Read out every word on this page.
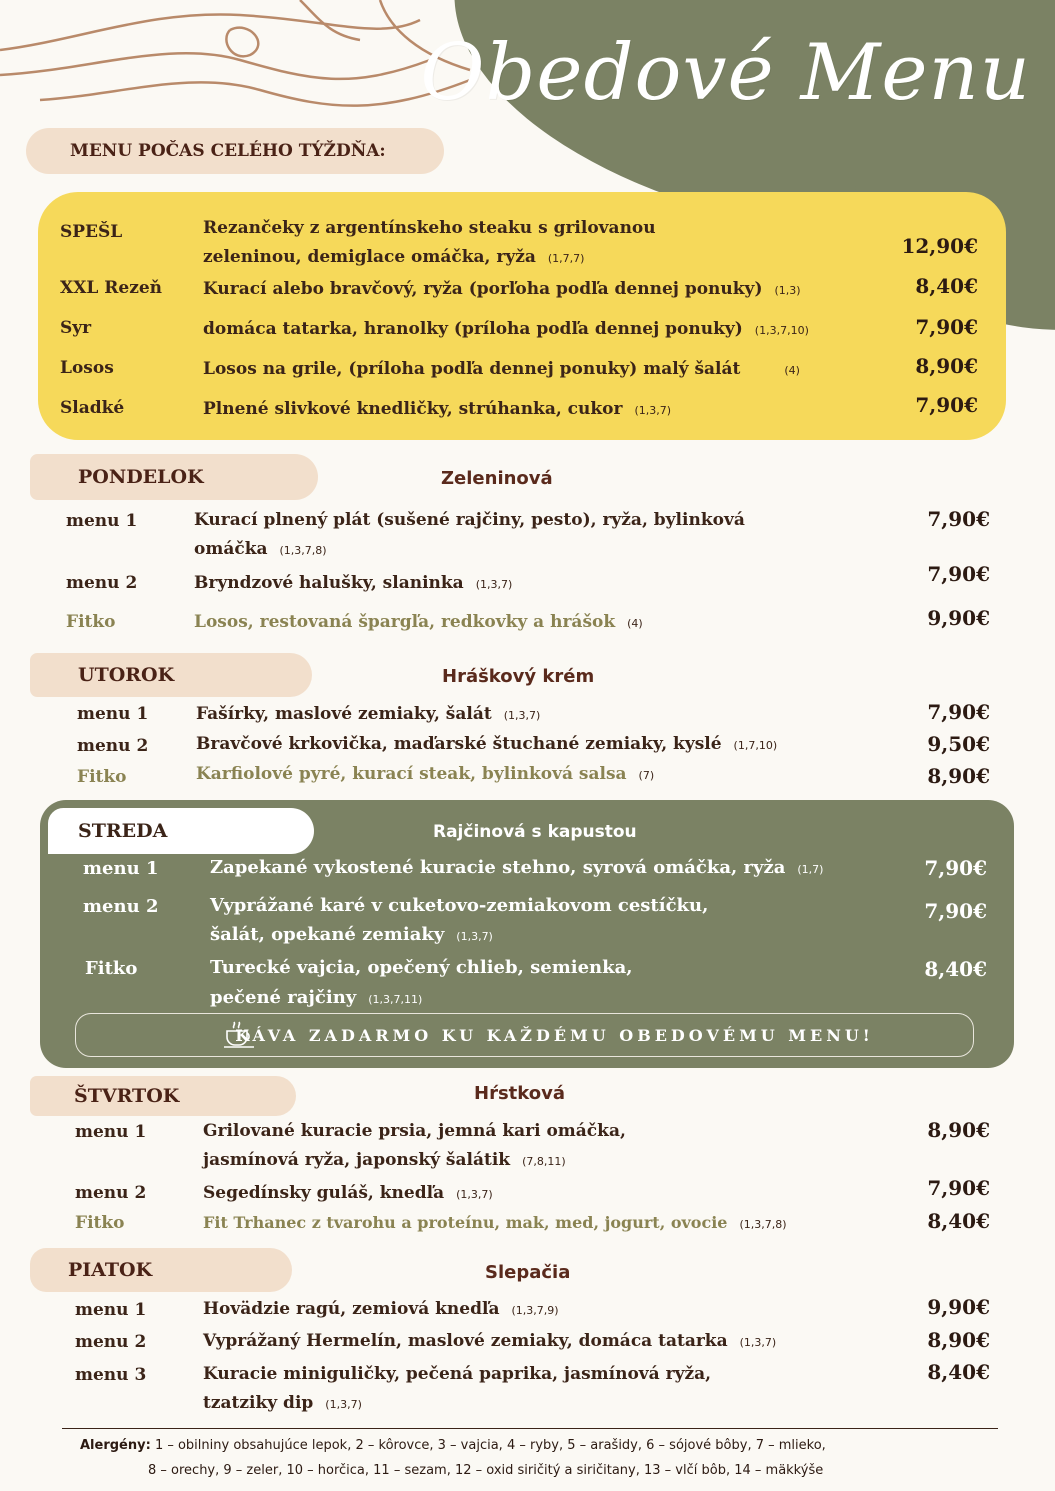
Obedové Menu
MENU POČAS CELÉHO TÝŽDŇA:
SPEŠL	Rezančeky z argentínskeho steaku s grilovanou
zeleninou, demiglace omáčka, ryža (1,7,7)
12,90€
XXL Rezeň Kurací alebo bravčový, ryža (porľoha podľa dennej ponuky) (1,3)	8,40€
Syr	domáca tatarka, hranolky (príloha podľa dennej ponuky) (1,3,7,10)	7,90€
Losos	Losos na grile, (príloha podľa dennej ponuky) malý šalát	(4)	8,90€
Sladké	Plnené slivkové knedličky, strúhanka, cukor (1,3,7)	7,90€
PONDELOK	Zeleninová
menu 1	Kurací plnený plát (sušené rajčiny, pesto), ryža, bylinková
omáčka (1,3,7,8)
7,90€
menu 2	Bryndzové halušky, slaninka (1,3,7)	7,90€
Fitko	Losos, restovaná špargľa, redkovky a hrášok (4)	9,90€
UTOROK	Hráškový krém
menu 1	Fašírky, maslové zemiaky, šalát (1,3,7)	7,90€
menu 2	Bravčové krkovička, maďarské štuchané zemiaky, kyslé (1,7,10)	9,50€
Fitko	Karfiolové pyré, kurací steak, bylinková salsa (7)	8,90€
KÁVA ZADARMO KU KAŽDÉMU OBEDOVÉMU MENU!
STREDA	Rajčinová s kapustou
menu 1	Zapekané vykostené kuracie stehno, syrová omáčka, ryža (1,7)	7,90€
menu 2	Vyprážané karé v cuketovo-zemiakovom cestíčku,
šalát, opekané zemiaky (1,3,7)
7,90€
Fitko	Turecké vajcia, opečený chlieb, semienka,
pečené rajčiny (1,3,7,11)
8,40€
ŠTVRTOK	Hŕstková
menu 1	Grilované kuracie prsia, jemná kari omáčka,
jasmínová ryža, japonský šalátik (7,8,11)
8,90€
menu 2	Segedínsky guláš, knedľa (1,3,7)	7,90€
Fitko	Fit Trhanec z tvarohu a proteínu, mak, med, jogurt, ovocie (1,3,7,8)	8,40€
PIATOK	Slepačia
menu 1	Hovädzie ragú, zemiová knedľa (1,3,7,9)	9,90€
menu 2	Vyprážaný Hermelín, maslové zemiaky, domáca tatarka (1,3,7)	8,90€
menu 3	Kuracie miniguličky, pečená paprika, jasmínová ryža,
tzatziky dip (1,3,7)
8,40€
Alergény: 1 – obilniny obsahujúce lepok, 2 – kôrovce, 3 – vajcia, 4 – ryby, 5 – arašidy, 6 – sójové bôby, 7 – mlieko,
8 – orechy, 9 – zeler, 10 – horčica, 11 – sezam, 12 – oxid siričitý a siričitany, 13 – vlčí bôb, 14 – mäkkýše
